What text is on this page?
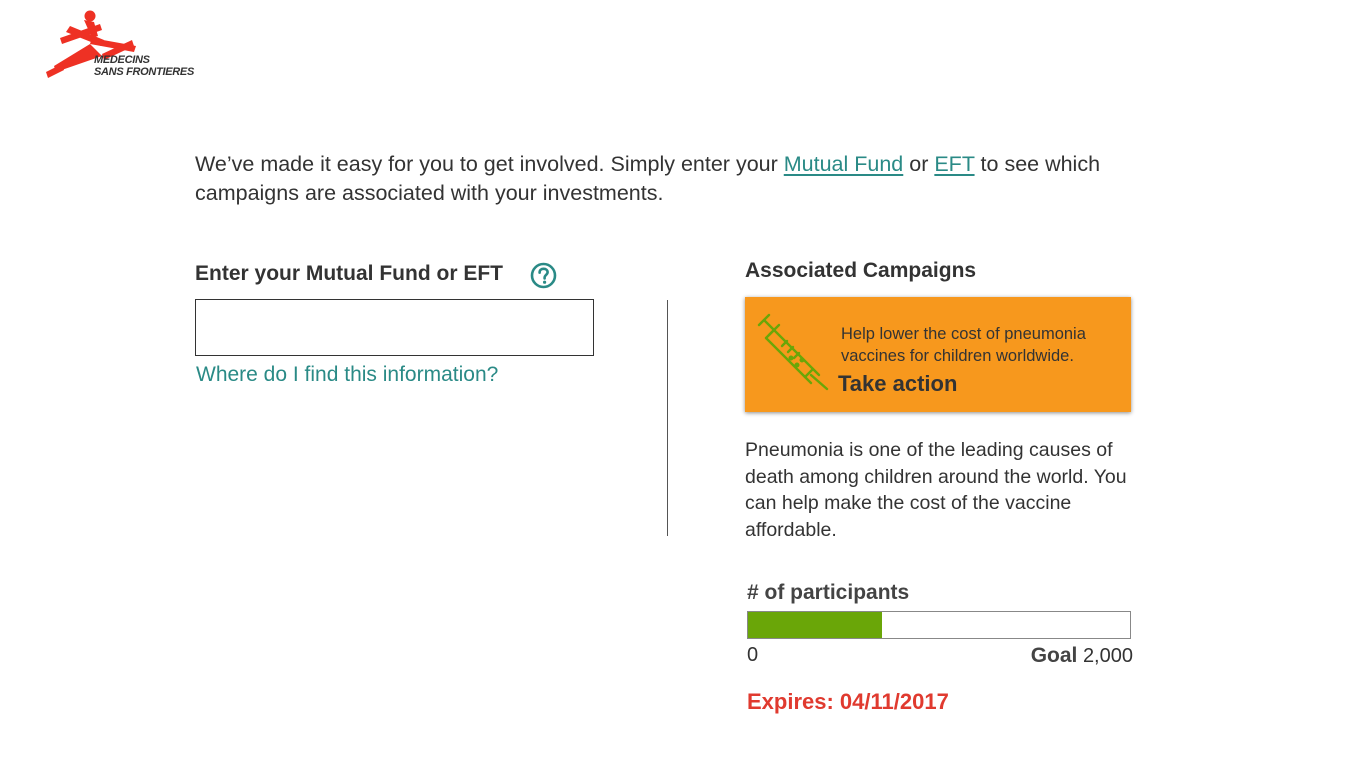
MEDECINS
SANS FRONTIERES
We’ve made it easy for you to get involved. Simply enter your Mutual Fund or EFT to see which campaigns are associated with your investments.
Enter your Mutual Fund or EFT
Where do I find this information?
Associated Campaigns
Help lower the cost of pneumonia vaccines for children worldwide.
Take action
Pneumonia is one of the leading causes of death among children around the world. You can help make the cost of the vaccine affordable.
# of participants
0	Goal 2,000
Expires: 04/11/2017
